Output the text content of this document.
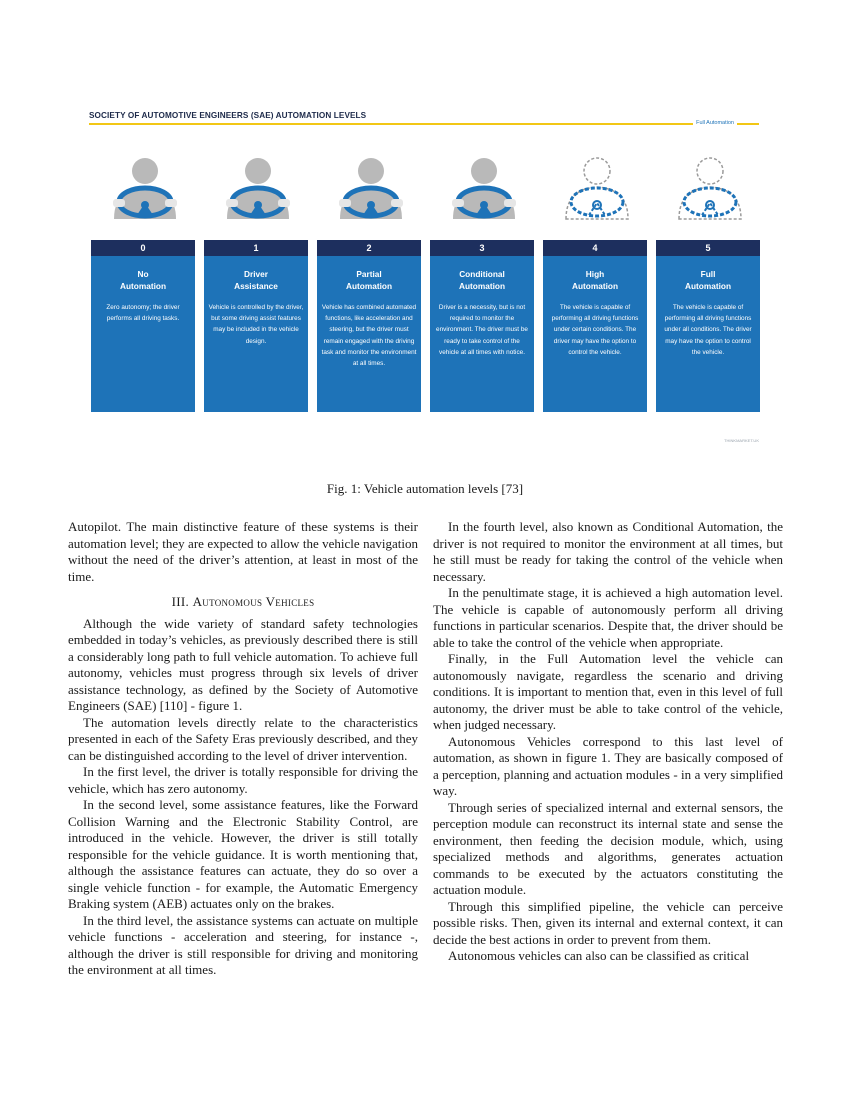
SOCIETY OF AUTOMOTIVE ENGINEERS (SAE) AUTOMATION LEVELS
Full Automation
0
No
Automation
Zero autonomy; the driver performs all driving tasks.
1
Driver
Assistance
Vehicle is controlled by the driver, but some driving assist features may be included in the vehicle design.
2
Partial
Automation
Vehicle has combined automated functions, like acceleration and steering, but the driver must remain engaged with the driving task and monitor the environment at all times.
3
Conditional
Automation
Driver is a necessity, but is not required to monitor the environment. The driver must be ready to take control of the vehicle at all times with notice.
4
High
Automation
The vehicle is capable of performing all driving functions under certain conditions. The driver may have the option to control the vehicle.
5
Full
Automation
The vehicle is capable of performing all driving functions under all conditions. The driver may have the option to control the vehicle.
THINKMARKET.UK
Fig. 1: Vehicle automation levels [73]

Autopilot. The main distinctive feature of these systems is their automation level; they are expected to allow the vehicle navigation without the need of the driver’s attention, at least in most of the time.

III. Autonomous Vehicles

Although the wide variety of standard safety technologies embedded in today’s vehicles, as previously described there is still a considerably long path to full vehicle automation. To achieve full autonomy, vehicles must progress through six levels of driver assistance technology, as defined by the Society of Automotive Engineers (SAE) [110] - figure 1.

The automation levels directly relate to the characteristics presented in each of the Safety Eras previously described, and they can be distinguished according to the level of driver intervention.

In the first level, the driver is totally responsible for driving the vehicle, which has zero autonomy.

In the second level, some assistance features, like the Forward Collision Warning and the Electronic Stability Control, are introduced in the vehicle. However, the driver is still totally responsible for the vehicle guidance. It is worth mentioning that, although the assistance features can actuate, they do so over a single vehicle function - for example, the Automatic Emergency Braking system (AEB) actuates only on the brakes.

In the third level, the assistance systems can actuate on multiple vehicle functions - acceleration and steering, for instance -, although the driver is still responsible for driving and monitoring the environment at all times.

In the fourth level, also known as Conditional Automation, the driver is not required to monitor the environment at all times, but he still must be ready for taking the control of the vehicle when necessary.

In the penultimate stage, it is achieved a high automation level. The vehicle is capable of autonomously perform all driving functions in particular scenarios. Despite that, the driver should be able to take the control of the vehicle when appropriate.

Finally, in the Full Automation level the vehicle can autonomously navigate, regardless the scenario and driving conditions. It is important to mention that, even in this level of full autonomy, the driver must be able to take control of the vehicle, when judged necessary.

Autonomous Vehicles correspond to this last level of automation, as shown in figure 1. They are basically composed of a perception, planning and actuation modules - in a very simplified way.

Through series of specialized internal and external sensors, the perception module can reconstruct its internal state and sense the environment, then feeding the decision module, which, using specialized methods and algorithms, generates actuation commands to be executed by the actuators constituting the actuation module.

Through this simplified pipeline, the vehicle can perceive possible risks. Then, given its internal and external context, it can decide the best actions in order to prevent from them.

Autonomous vehicles can also can be classified as critical
